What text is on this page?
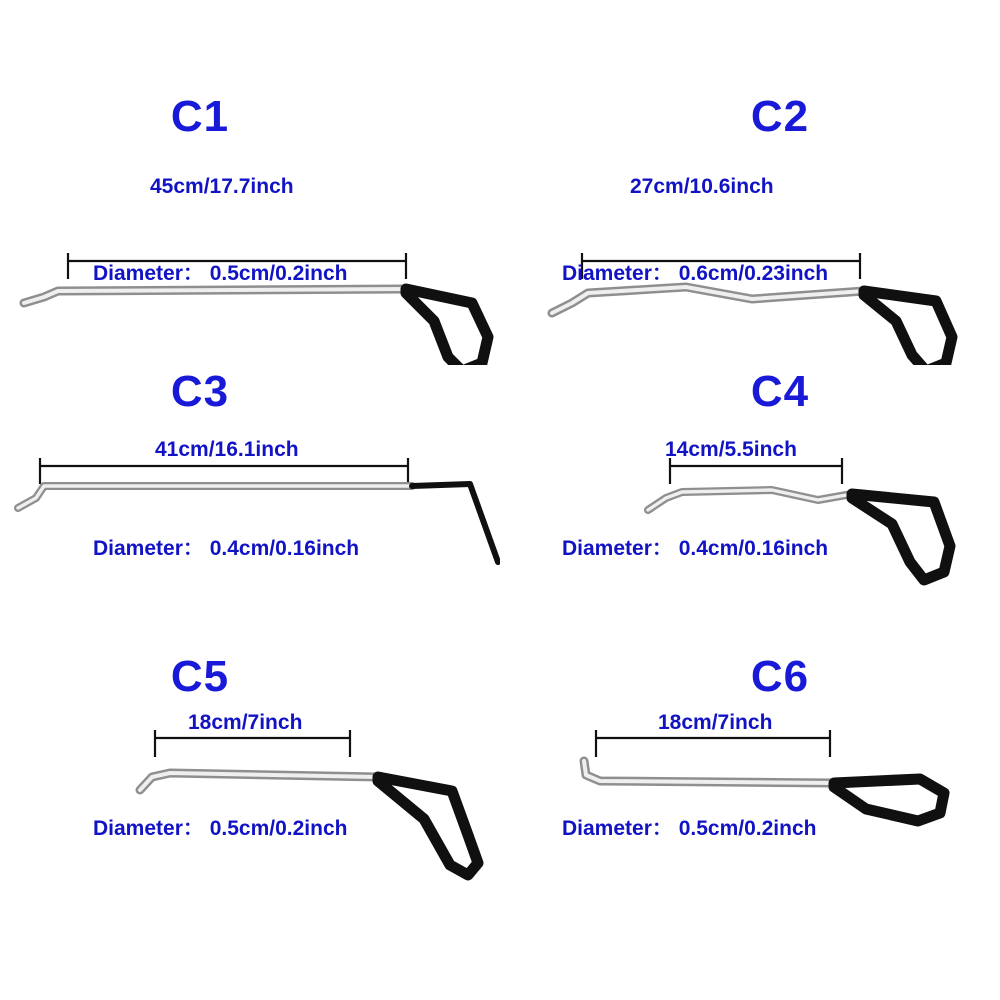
C1
45cm/17.7inch
Diameter： 0.5cm/0.2inch
C2
27cm/10.6inch
Diameter： 0.6cm/0.23inch
C3
41cm/16.1inch
Diameter： 0.4cm/0.16inch
C4
14cm/5.5inch
Diameter： 0.4cm/0.16inch
C5
18cm/7inch
Diameter： 0.5cm/0.2inch
C6
18cm/7inch
Diameter： 0.5cm/0.2inch
